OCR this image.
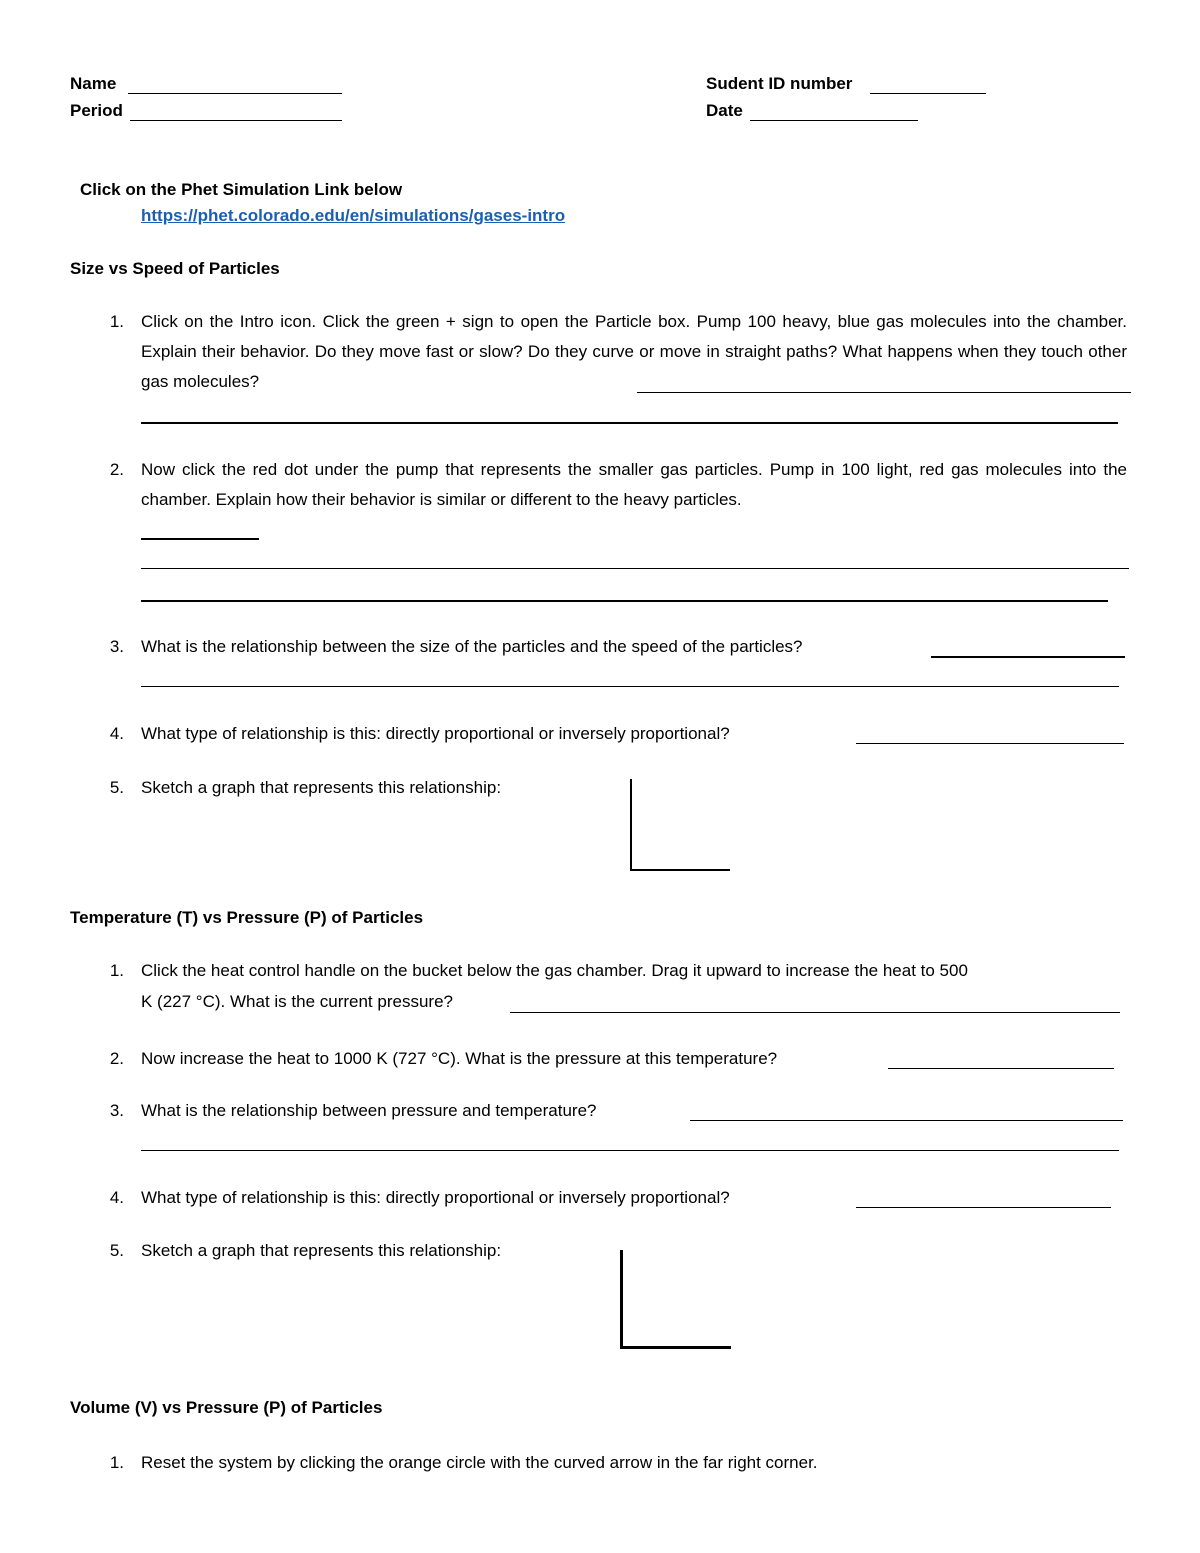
Name
Period
Sudent ID number
Date
Click on the Phet Simulation Link below
https://phet.colorado.edu/en/simulations/gases-intro
Size vs Speed of Particles
1. Click on the Intro icon. Click the green + sign to open the Particle box. Pump 100 heavy, blue gas molecules into the chamber. Explain their behavior. Do they move fast or slow? Do they curve or move in straight paths? What happens when they touch other gas molecules?
2. Now click the red dot under the pump that represents the smaller gas particles. Pump in 100 light, red gas molecules into the chamber. Explain how their behavior is similar or different to the heavy particles.
3. What is the relationship between the size of the particles and the speed of the particles?
4. What type of relationship is this: directly proportional or inversely proportional?
5. Sketch a graph that represents this relationship:
Temperature (T) vs Pressure (P) of Particles
1. Click the heat control handle on the bucket below the gas chamber. Drag it upward to increase the heat to 500
K (227 °C). What is the current pressure?
2. Now increase the heat to 1000 K (727 °C). What is the pressure at this temperature?
3. What is the relationship between pressure and temperature?
4. What type of relationship is this: directly proportional or inversely proportional?
5. Sketch a graph that represents this relationship:
Volume (V) vs Pressure (P) of Particles
1. Reset the system by clicking the orange circle with the curved arrow in the far right corner.
